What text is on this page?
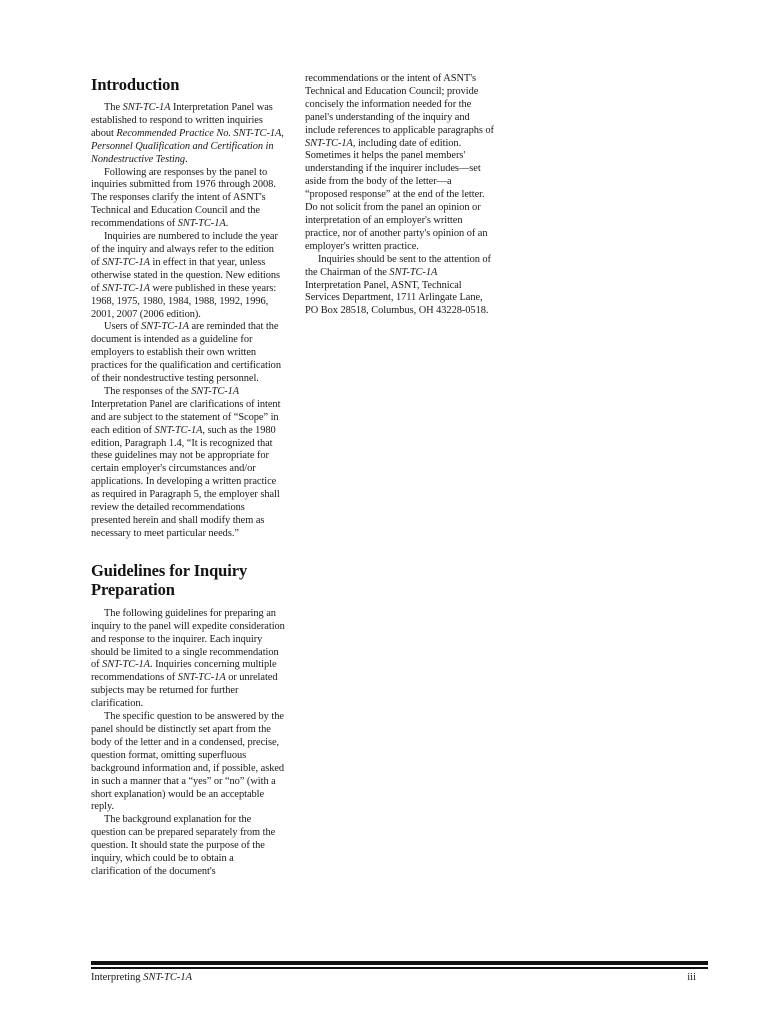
Introduction

The SNT-TC-1A Interpretation Panel was established to respond to written inquiries about Recommended Practice No. SNT-TC-1A, Personnel Qualification and Certification in Nondestructive Testing.

Following are responses by the panel to inquiries submitted from 1976 through 2008. The responses clarify the intent of ASNT's Technical and Education Council and the recommendations of SNT-TC-1A.

Inquiries are numbered to include the year of the inquiry and always refer to the edition of SNT-TC-1A in effect in that year, unless otherwise stated in the question. New editions of SNT-TC-1A were published in these years: 1968, 1975, 1980, 1984, 1988, 1992, 1996, 2001, 2007 (2006 edition).

Users of SNT-TC-1A are reminded that the document is intended as a guideline for employers to establish their own written practices for the qualification and certification of their nondestructive testing personnel.

The responses of the SNT-TC-1A Interpretation Panel are clarifications of intent and are subject to the statement of “Scope” in each edition of SNT-TC-1A, such as the 1980 edition, Paragraph 1.4, “It is recognized that these guidelines may not be appropriate for certain employer's circumstances and/or applications. In developing a written practice as required in Paragraph 5, the employer shall review the detailed recommendations presented herein and shall modify them as necessary to meet particular needs.”

Guidelines for Inquiry Preparation

The following guidelines for preparing an inquiry to the panel will expedite consideration and response to the inquirer. Each inquiry should be limited to a single recommendation of SNT-TC-1A. Inquiries concerning multiple recommendations of SNT-TC-1A or unrelated subjects may be returned for further clarification.

The specific question to be answered by the panel should be distinctly set apart from the body of the letter and in a condensed, precise, question format, omitting superfluous background information and, if possible, asked in such a manner that a “yes” or “no” (with a short explanation) would be an acceptable reply.

The background explanation for the question can be prepared separately from the question. It should state the purpose of the inquiry, which could be to obtain a clarification of the document's

recommendations or the intent of ASNT's Technical and Education Council; provide concisely the information needed for the panel's understanding of the inquiry and include references to applicable paragraphs of SNT-TC-1A, including date of edition. Sometimes it helps the panel members' understanding if the inquirer includes—set aside from the body of the letter—a “proposed response” at the end of the letter. Do not solicit from the panel an opinion or interpretation of an employer's written practice, nor of another party's opinion of an employer's written practice.

Inquiries should be sent to the attention of the Chairman of the SNT-TC-1A Interpretation Panel, ASNT, Technical Services Department, 1711 Arlingate Lane, PO Box 28518, Columbus, OH 43228-0518.

Interpreting SNT-TC-1A	iii
